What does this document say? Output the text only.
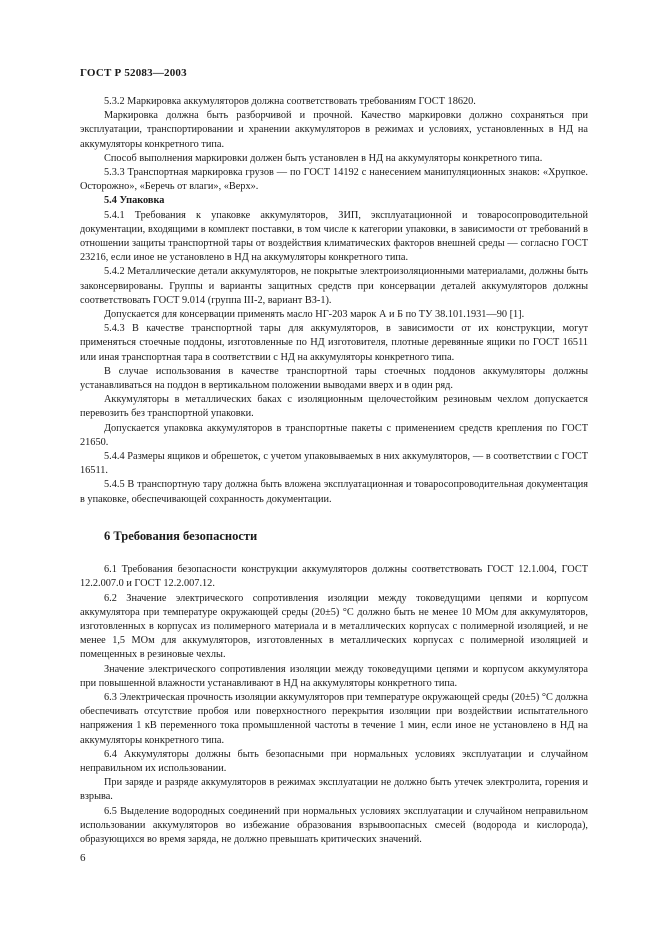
ГОСТ Р 52083—2003

5.3.2 Маркировка аккумуляторов должна соответствовать требованиям ГОСТ 18620.

Маркировка должна быть разборчивой и прочной. Качество маркировки должно сохраняться при эксплуатации, транспортировании и хранении аккумуляторов в режимах и условиях, установленных в НД на аккумуляторы конкретного типа.

Способ выполнения маркировки должен быть установлен в НД на аккумуляторы конкретного типа.

5.3.3 Транспортная маркировка грузов — по ГОСТ 14192 с нанесением манипуляционных знаков: «Хрупкое. Осторожно», «Беречь от влаги», «Верх».

5.4 Упаковка

5.4.1 Требования к упаковке аккумуляторов, ЗИП, эксплуатационной и товаросопроводительной документации, входящими в комплект поставки, в том числе к категории упаковки, в зависимости от требований в отношении защиты транспортной тары от воздействия климатических факторов внешней среды — согласно ГОСТ 23216, если иное не установлено в НД на аккумуляторы конкретного типа.

5.4.2 Металлические детали аккумуляторов, не покрытые электроизоляционными материалами, должны быть законсервированы. Группы и варианты защитных средств при консервации деталей аккумуляторов должны соответствовать ГОСТ 9.014 (группа III-2, вариант ВЗ-1).

Допускается для консервации применять масло НГ-203 марок А и Б по ТУ 38.101.1931—90 [1].

5.4.3 В качестве транспортной тары для аккумуляторов, в зависимости от их конструкции, могут применяться стоечные поддоны, изготовленные по НД изготовителя, плотные деревянные ящики по ГОСТ 16511 или иная транспортная тара в соответствии с НД на аккумуляторы конкретного типа.

В случае использования в качестве транспортной тары стоечных поддонов аккумуляторы должны устанавливаться на поддон в вертикальном положении выводами вверх и в один ряд.

Аккумуляторы в металлических баках с изоляционным щелочестойким резиновым чехлом допускается перевозить без транспортной упаковки.

Допускается упаковка аккумуляторов в транспортные пакеты с применением средств крепления по ГОСТ 21650.

5.4.4 Размеры ящиков и обрешеток, с учетом упаковываемых в них аккумуляторов, — в соответствии с ГОСТ 16511.

5.4.5 В транспортную тару должна быть вложена эксплуатационная и товаросопроводительная документация в упаковке, обеспечивающей сохранность документации.

6 Требования безопасности

6.1 Требования безопасности конструкции аккумуляторов должны соответствовать ГОСТ 12.1.004, ГОСТ 12.2.007.0 и ГОСТ 12.2.007.12.

6.2 Значение электрического сопротивления изоляции между токоведущими цепями и корпусом аккумулятора при температуре окружающей среды (20±5) °С должно быть не менее 10 МОм для аккумуляторов, изготовленных в корпусах из полимерного материала и в металлических корпусах с полимерной изоляцией, и не менее 1,5 МОм для аккумуляторов, изготовленных в металлических корпусах с полимерной изоляцией и помещенных в резиновые чехлы.

Значение электрического сопротивления изоляции между токоведущими цепями и корпусом аккумулятора при повышенной влажности устанавливают в НД на аккумуляторы конкретного типа.

6.3 Электрическая прочность изоляции аккумуляторов при температуре окружающей среды (20±5) °С должна обеспечивать отсутствие пробоя или поверхностного перекрытия изоляции при воздействии испытательного напряжения 1 кВ переменного тока промышленной частоты в течение 1 мин, если иное не установлено в НД на аккумуляторы конкретного типа.

6.4 Аккумуляторы должны быть безопасными при нормальных условиях эксплуатации и случайном неправильном их использовании.

При заряде и разряде аккумуляторов в режимах эксплуатации не должно быть утечек электролита, горения и взрыва.

6.5 Выделение водородных соединений при нормальных условиях эксплуатации и случайном неправильном использовании аккумуляторов во избежание образования взрывоопасных смесей (водорода и кислорода), образующихся во время заряда, не должно превышать критических значений.

6
